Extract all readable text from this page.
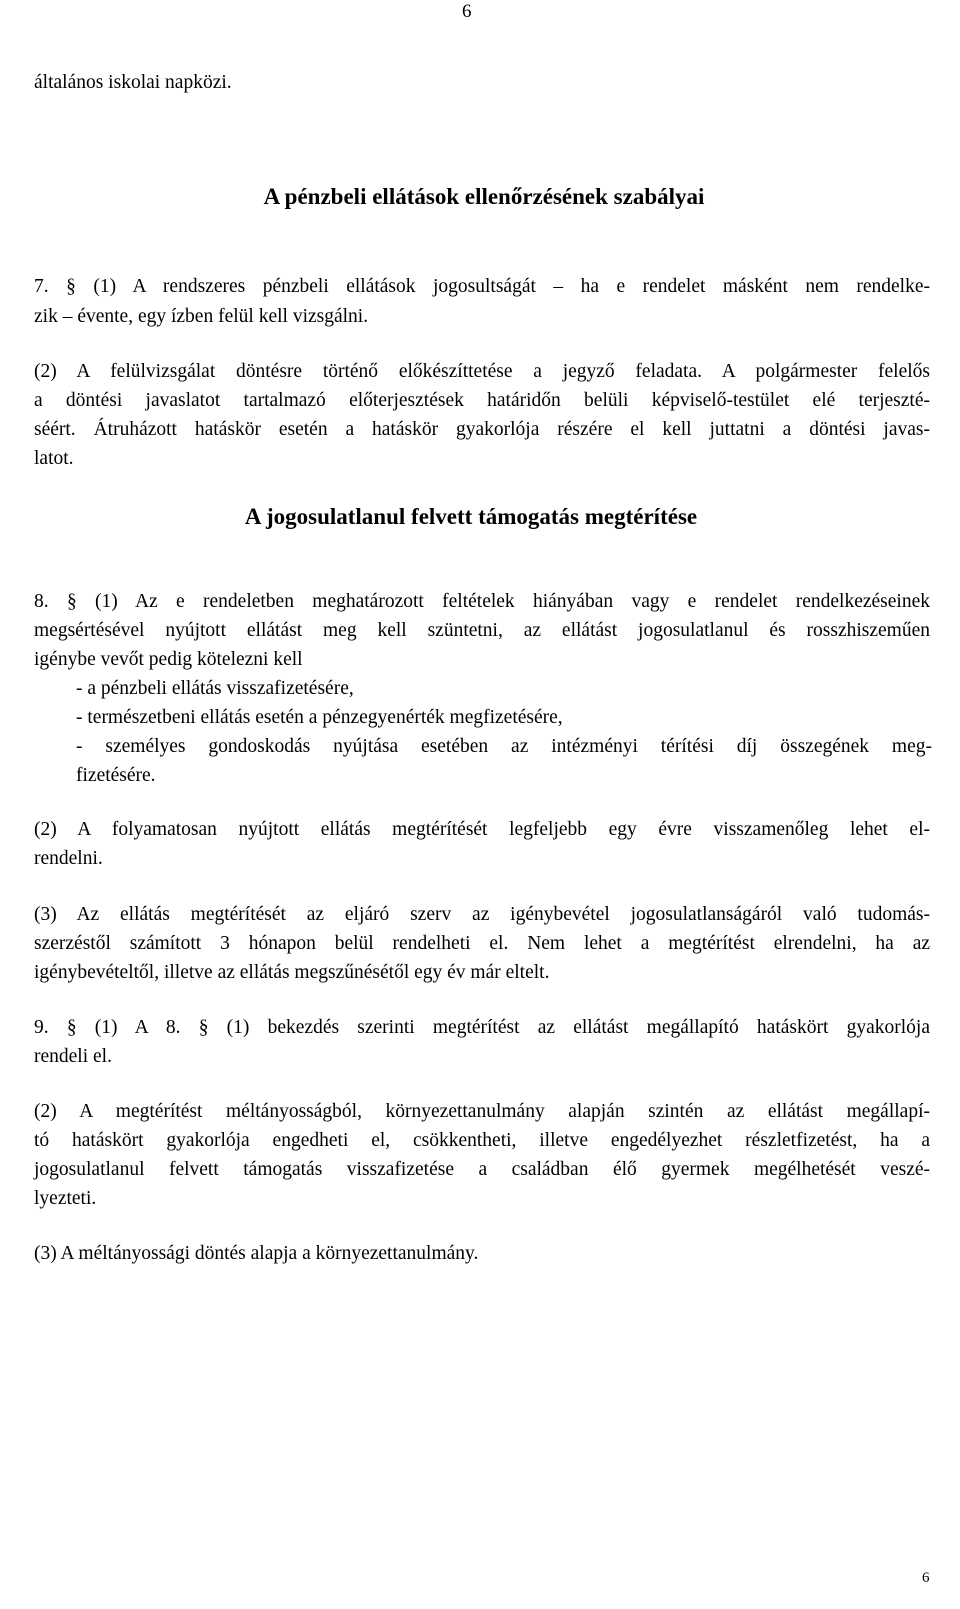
6
általános iskolai napközi.
A pénzbeli ellátások ellenőrzésének szabályai
7. § (1) A rendszeres pénzbeli ellátások jogosultságát – ha e rendelet másként nem rendelke-
zik – évente, egy ízben felül kell vizsgálni.
(2) A felülvizsgálat döntésre történő előkészíttetése a jegyző feladata. A polgármester felelős
a döntési javaslatot tartalmazó előterjesztések határidőn belüli képviselő-testület elé terjeszté-
séért. Átruházott hatáskör esetén a hatáskör gyakorlója részére el kell juttatni a döntési javas-
latot.
A jogosulatlanul felvett támogatás megtérítése
8. § (1) Az e rendeletben meghatározott feltételek hiányában vagy e rendelet rendelkezéseinek
megsértésével nyújtott ellátást meg kell szüntetni, az ellátást jogosulatlanul és rosszhiszeműen
igénybe vevőt pedig kötelezni kell
- a pénzbeli ellátás visszafizetésére,
- természetbeni ellátás esetén a pénzegyenérték megfizetésére,
- személyes gondoskodás nyújtása esetében az intézményi térítési díj összegének meg-
fizetésére.
(2) A folyamatosan nyújtott ellátás megtérítését legfeljebb egy évre visszamenőleg lehet el-
rendelni.
(3) Az ellátás megtérítését az eljáró szerv az igénybevétel jogosulatlanságáról való tudomás-
szerzéstől számított 3 hónapon belül rendelheti el. Nem lehet a megtérítést elrendelni, ha az
igénybevételtől, illetve az ellátás megszűnésétől egy év már eltelt.
9. § (1) A 8. § (1) bekezdés szerinti megtérítést az ellátást megállapító hatáskört gyakorlója
rendeli el.
(2) A megtérítést méltányosságból, környezettanulmány alapján szintén az ellátást megállapí-
tó hatáskört gyakorlója engedheti el, csökkentheti, illetve engedélyezhet részletfizetést, ha a
jogosulatlanul felvett támogatás visszafizetése a családban élő gyermek megélhetését veszé-
lyezteti.
(3) A méltányossági döntés alapja a környezettanulmány.
6
